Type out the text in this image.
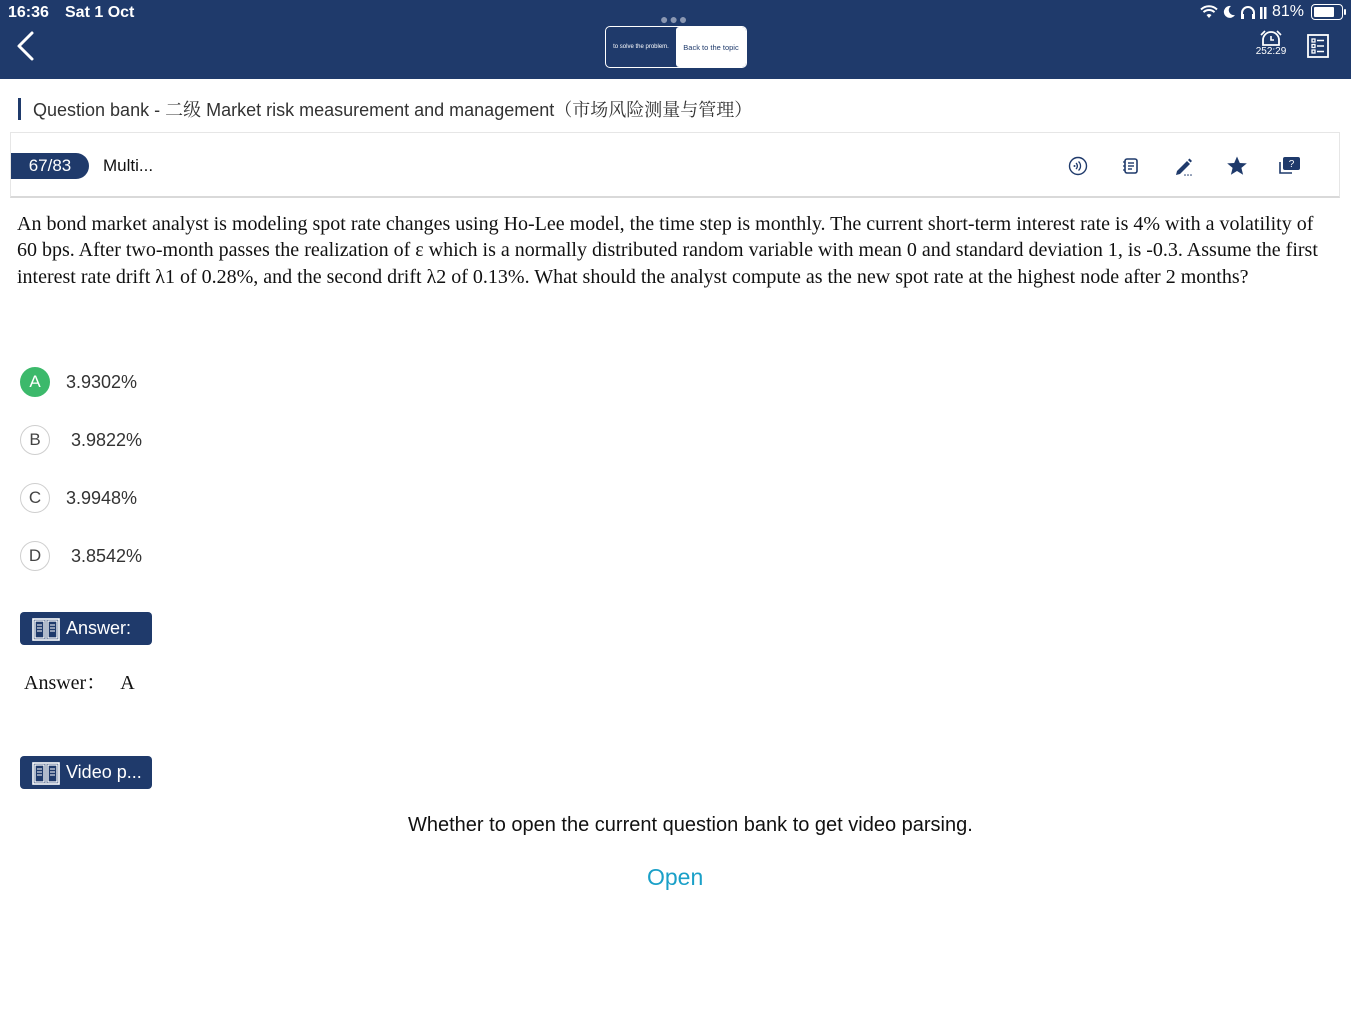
16:36 Sat 1 Oct	●●●	81%
to solve the problem.	Back to the topic	252:29
Question bank - 二级 Market risk measurement and management（市场风险测量与管理）
67/83	Multi...	?
An bond market analyst is modeling spot rate changes using Ho-Lee model, the time step is monthly. The current short-term interest rate is 4% with a volatility of 60 bps. After two-month passes the realization of ε which is a normally distributed random variable with mean 0 and standard deviation 1, is -0.3. Assume the first interest rate drift λ1 of 0.28%, and the second drift λ2 of 0.13%. What should the analyst compute as the new spot rate at the highest node after 2 months?
A	3.9302%
B	3.9822%
C	3.9948%
D	3.8542%
Answer:
Answer： A
Video p...
Whether to open the current question bank to get video parsing.
Open
